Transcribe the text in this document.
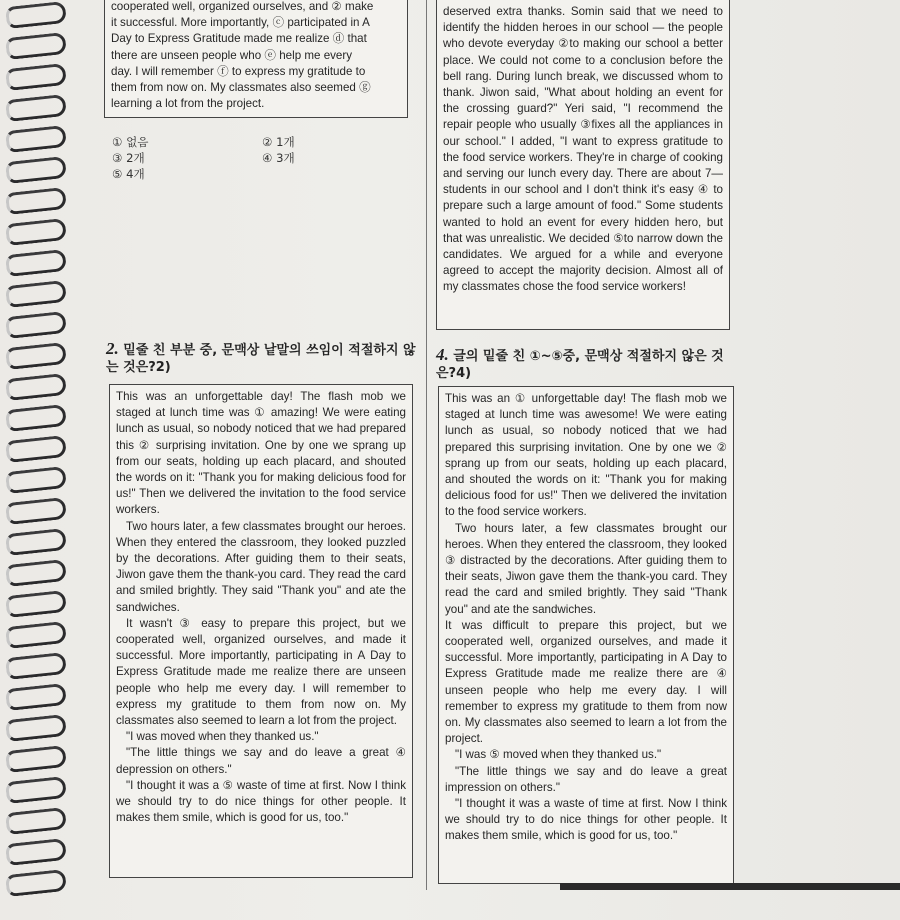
cooperated well, organized ourselves, and ② make

it successful. More importantly, ⓒ participated in A

Day to Express Gratitude made me realize ⓓ that

there are unseen people who ⓔ help me every

day. I will remember ⓕ to express my gratitude to

them from now on. My classmates also seemed ⓖ

learning a lot from the project.

① 없음	② 1개
③ 2개	④ 3개
⑤ 4개
2. 밑줄 친 부분 중, 문맥상 낱말의 쓰임이 적절하지 않는 것은?2)

This was an unforgettable day! The flash mob we staged at lunch time was ① amazing! We were eating lunch as usual, so nobody noticed that we had prepared this ② surprising invitation. One by one we sprang up from our seats, holding up each placard, and shouted the words on it: "Thank you for making delicious food for us!" Then we delivered the invitation to the food service workers.

Two hours later, a few classmates brought our heroes. When they entered the classroom, they looked puzzled by the decorations. After guiding them to their seats, Jiwon gave them the thank-you card. They read the card and smiled brightly. They said "Thank you" and ate the sandwiches.

It wasn't ③ easy to prepare this project, but we cooperated well, organized ourselves, and made it successful. More importantly, participating in A Day to Express Gratitude made me realize there are unseen people who help me every day. I will remember to express my gratitude to them from now on. My classmates also seemed to learn a lot from the project.

"I was moved when they thanked us."

"The little things we say and do leave a great ④ depression on others."

"I thought it was a ⑤ waste of time at first. Now I think we should try to do nice things for other people. It makes them smile, which is good for us, too."

deserved extra thanks. Somin said that we need to identify the hidden heroes in our school — the people who devote everyday ②to making our school a better place. We could not come to a conclusion before the bell rang. During lunch break, we discussed whom to thank. Jiwon said, "What about holding an event for the crossing guard?" Yeri said, "I recommend the repair people who usually ③fixes all the appliances in our school." I added, "I want to express gratitude to the food service workers. They're in charge of cooking and serving our lunch every day. There are about 7— students in our school and I don't think it's easy ④ to prepare such a large amount of food." Some students wanted to hold an event for every hidden hero, but that was unrealistic. We decided ⑤to narrow down the candidates. We argued for a while and everyone agreed to accept the majority decision. Almost all of my classmates chose the food service workers!

4. 글의 밑줄 친 ①~⑤중, 문맥상 적절하지 않은 것은?4)

This was an ① unforgettable day! The flash mob we staged at lunch time was awesome! We were eating lunch as usual, so nobody noticed that we had prepared this surprising invitation. One by one we ② sprang up from our seats, holding up each placard, and shouted the words on it: "Thank you for making delicious food for us!" Then we delivered the invitation to the food service workers.

Two hours later, a few classmates brought our heroes. When they entered the classroom, they looked ③ distracted by the decorations. After guiding them to their seats, Jiwon gave them the thank-you card. They read the card and smiled brightly. They said "Thank you" and ate the sandwiches.

It was difficult to prepare this project, but we cooperated well, organized ourselves, and made it successful. More importantly, participating in A Day to Express Gratitude made me realize there are ④ unseen people who help me every day. I will remember to express my gratitude to them from now on. My classmates also seemed to learn a lot from the project.

"I was ⑤ moved when they thanked us."

"The little things we say and do leave a great impression on others."

"I thought it was a waste of time at first. Now I think we should try to do nice things for other people. It makes them smile, which is good for us, too."
